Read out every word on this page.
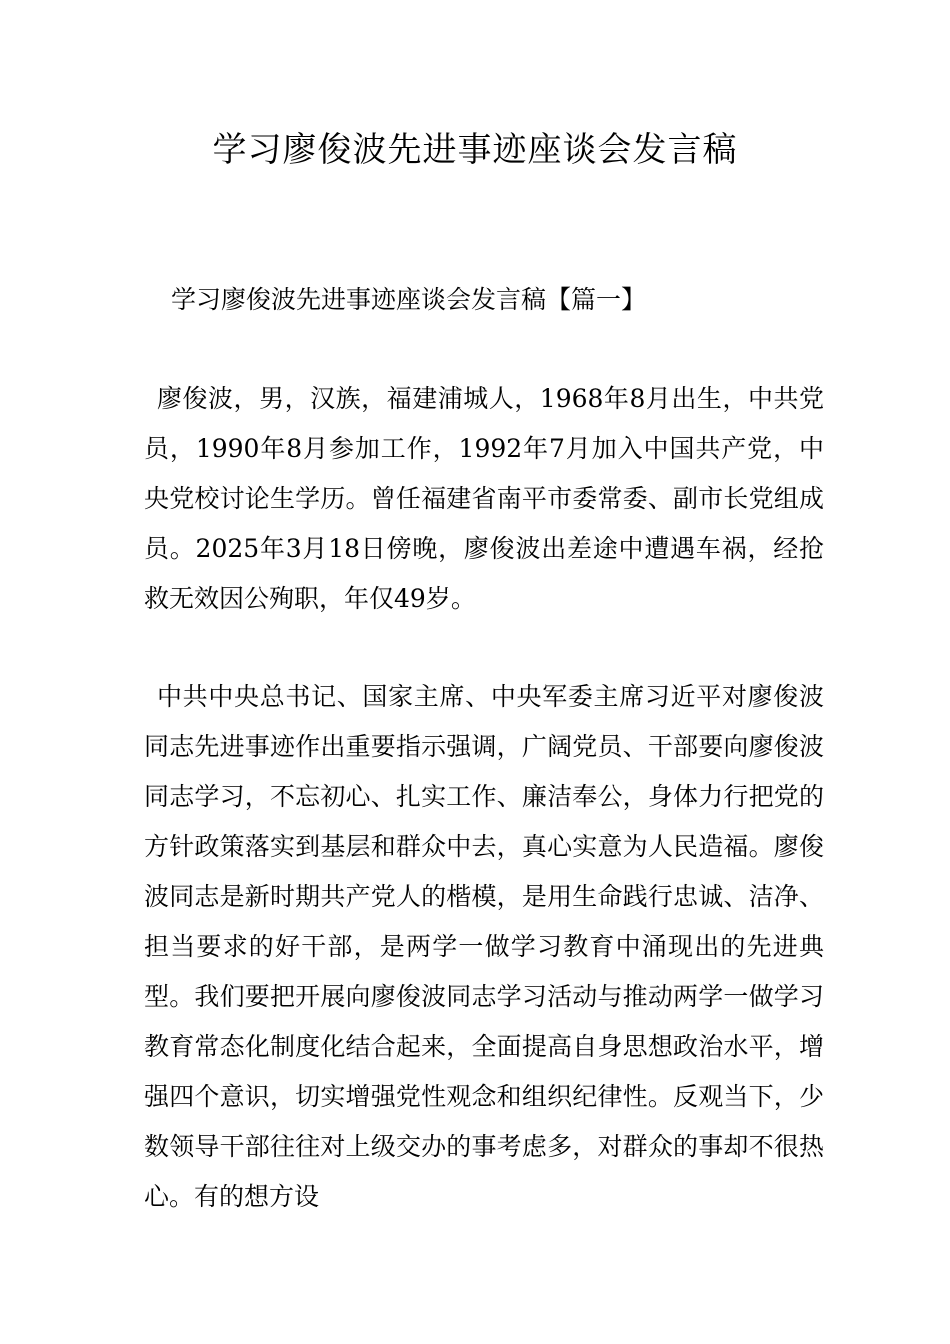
学习廖俊波先进事迹座谈会发言稿

学习廖俊波先进事迹座谈会发言稿【篇一】

廖俊波，男，汉族，福建浦城人，1968年8月出生，中共党员，1990年8月参加工作，1992年7月加入中国共产党，中央党校讨论生学历。曾任福建省南平市委常委、副市长党组成员。2025年3月18日傍晚，廖俊波出差途中遭遇车祸，经抢救无效因公殉职，年仅49岁。

中共中央总书记、国家主席、中央军委主席习近平对廖俊波同志先进事迹作出重要指示强调，广阔党员、干部要向廖俊波同志学习，不忘初心、扎实工作、廉洁奉公，身体力行把党的方针政策落实到基层和群众中去，真心实意为人民造福。廖俊波同志是新时期共产党人的楷模，是用生命践行忠诚、洁净、担当要求的好干部，是两学一做学习教育中涌现出的先进典型。我们要把开展向廖俊波同志学习活动与推动两学一做学习教育常态化制度化结合起来，全面提高自身思想政治水平，增强四个意识，切实增强党性观念和组织纪律性。反观当下，少数领导干部往往对上级交办的事考虑多，对群众的事却不很热心。有的想方设
